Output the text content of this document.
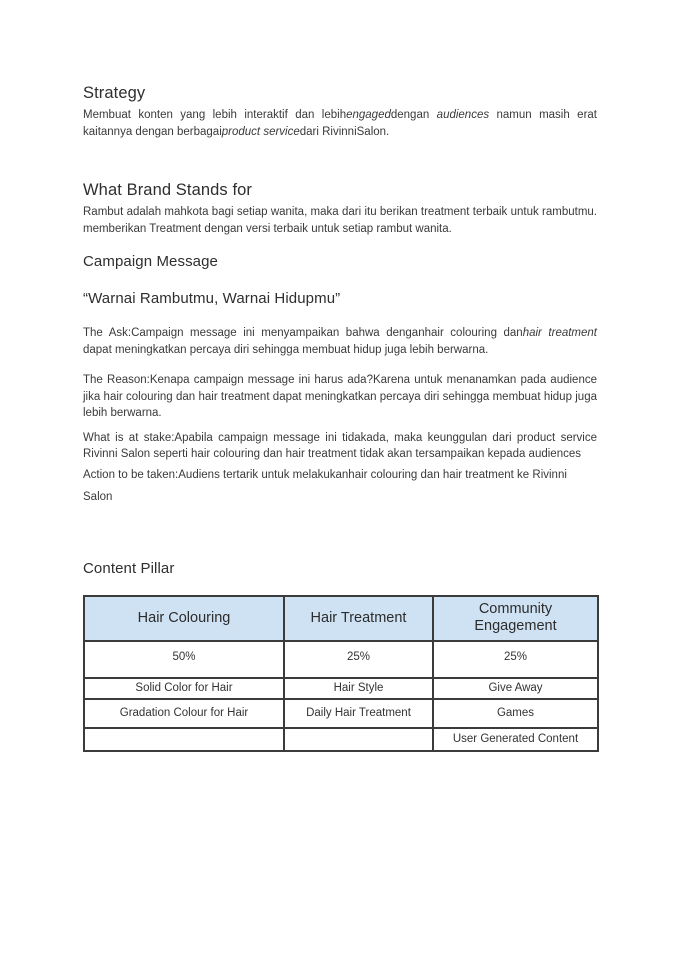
Strategy

Membuat konten yang lebih interaktif dan lebihengageddengan audiences namun masih erat kaitannya dengan berbagaiproduct servicedari RivinniSalon.

What Brand Stands for

Rambut adalah mahkota bagi setiap wanita, maka dari itu berikan treatment terbaik untuk rambutmu. memberikan Treatment dengan versi terbaik untuk setiap rambut wanita.

Campaign Message
“Warnai Rambutmu, Warnai Hidupmu”

The Ask:Campaign message ini menyampaikan bahwa denganhair colouring danhair treatment dapat meningkatkan percaya diri sehingga membuat hidup juga lebih berwarna.

The Reason:Kenapa campaign message ini harus ada?Karena untuk menanamkan pada audience jika hair colouring dan hair treatment dapat meningkatkan percaya diri sehingga membuat hidup juga lebih berwarna.

What is at stake:Apabila campaign message ini tidakada, maka keunggulan dari product service Rivinni Salon seperti hair colouring dan hair treatment tidak akan tersampaikan kepada audiences

Action to be taken:Audiens tertarik untuk melakukanhair colouring dan hair treatment ke Rivinni

Salon

Content Pillar
Hair Colouring	Hair Treatment	Community Engagement
50%	25%	25%
Solid Color for Hair	Hair Style	Give Away
Gradation Colour for Hair	Daily Hair Treatment	Games
		User Generated Content
